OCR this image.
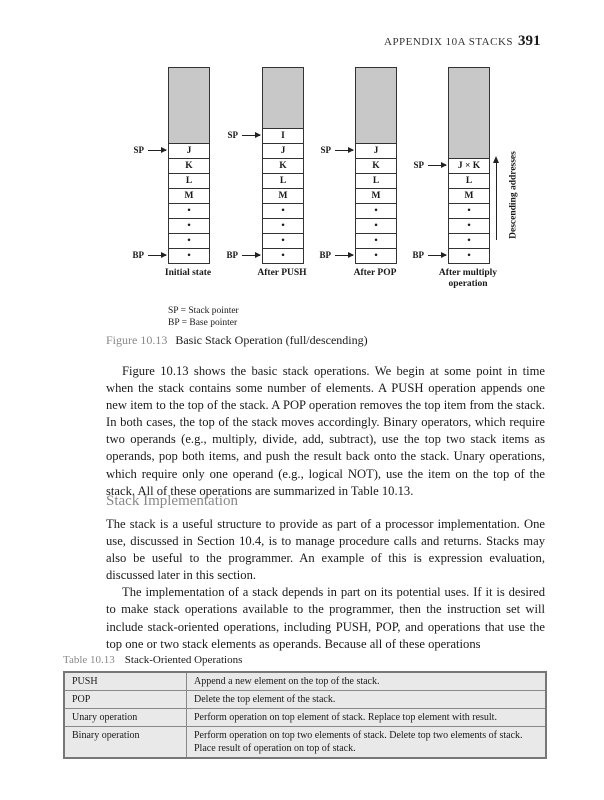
APPENDIX 10A STACKS 391
J
K
L
M
•
•
•
•
SP
BP
Initial state
I
J
K
L
M
•
•
•
•
SP
BP
After PUSH
J
K
L
M
•
•
•
•
SP
BP
After POP
J × K
L
M
•
•
•
•
SP
BP
After multiply
operation
Descending addresses
SP = Stack pointer
BP = Base pointer
Figure 10.13 Basic Stack Operation (full/descending)

Figure 10.13 shows the basic stack operations. We begin at some point in time when the stack contains some number of elements. A PUSH operation appends one new item to the top of the stack. A POP operation removes the top item from the stack. In both cases, the top of the stack moves accordingly. Binary operators, which require two operands (e.g., multiply, divide, add, subtract), use the top two stack items as operands, pop both items, and push the result back onto the stack. Unary operations, which require only one operand (e.g., logical NOT), use the item on the top of the stack. All of these operations are summarized in Table 10.13.

Stack Implementation

The stack is a useful structure to provide as part of a processor implementation. One use, discussed in Section 10.4, is to manage procedure calls and returns. Stacks may also be useful to the programmer. An example of this is expression evaluation, discussed later in this section.

The implementation of a stack depends in part on its potential uses. If it is desired to make stack operations available to the programmer, then the instruction set will include stack-oriented operations, including PUSH, POP, and operations that use the top one or two stack elements as operands. Because all of these operations

Table 10.13 Stack-Oriented Operations
PUSH	Append a new element on the top of the stack.
POP	Delete the top element of the stack.
Unary operation	Perform operation on top element of stack. Replace top element with result.
Binary operation	Perform operation on top two elements of stack. Delete top two elements of stack. Place result of operation on top of stack.
